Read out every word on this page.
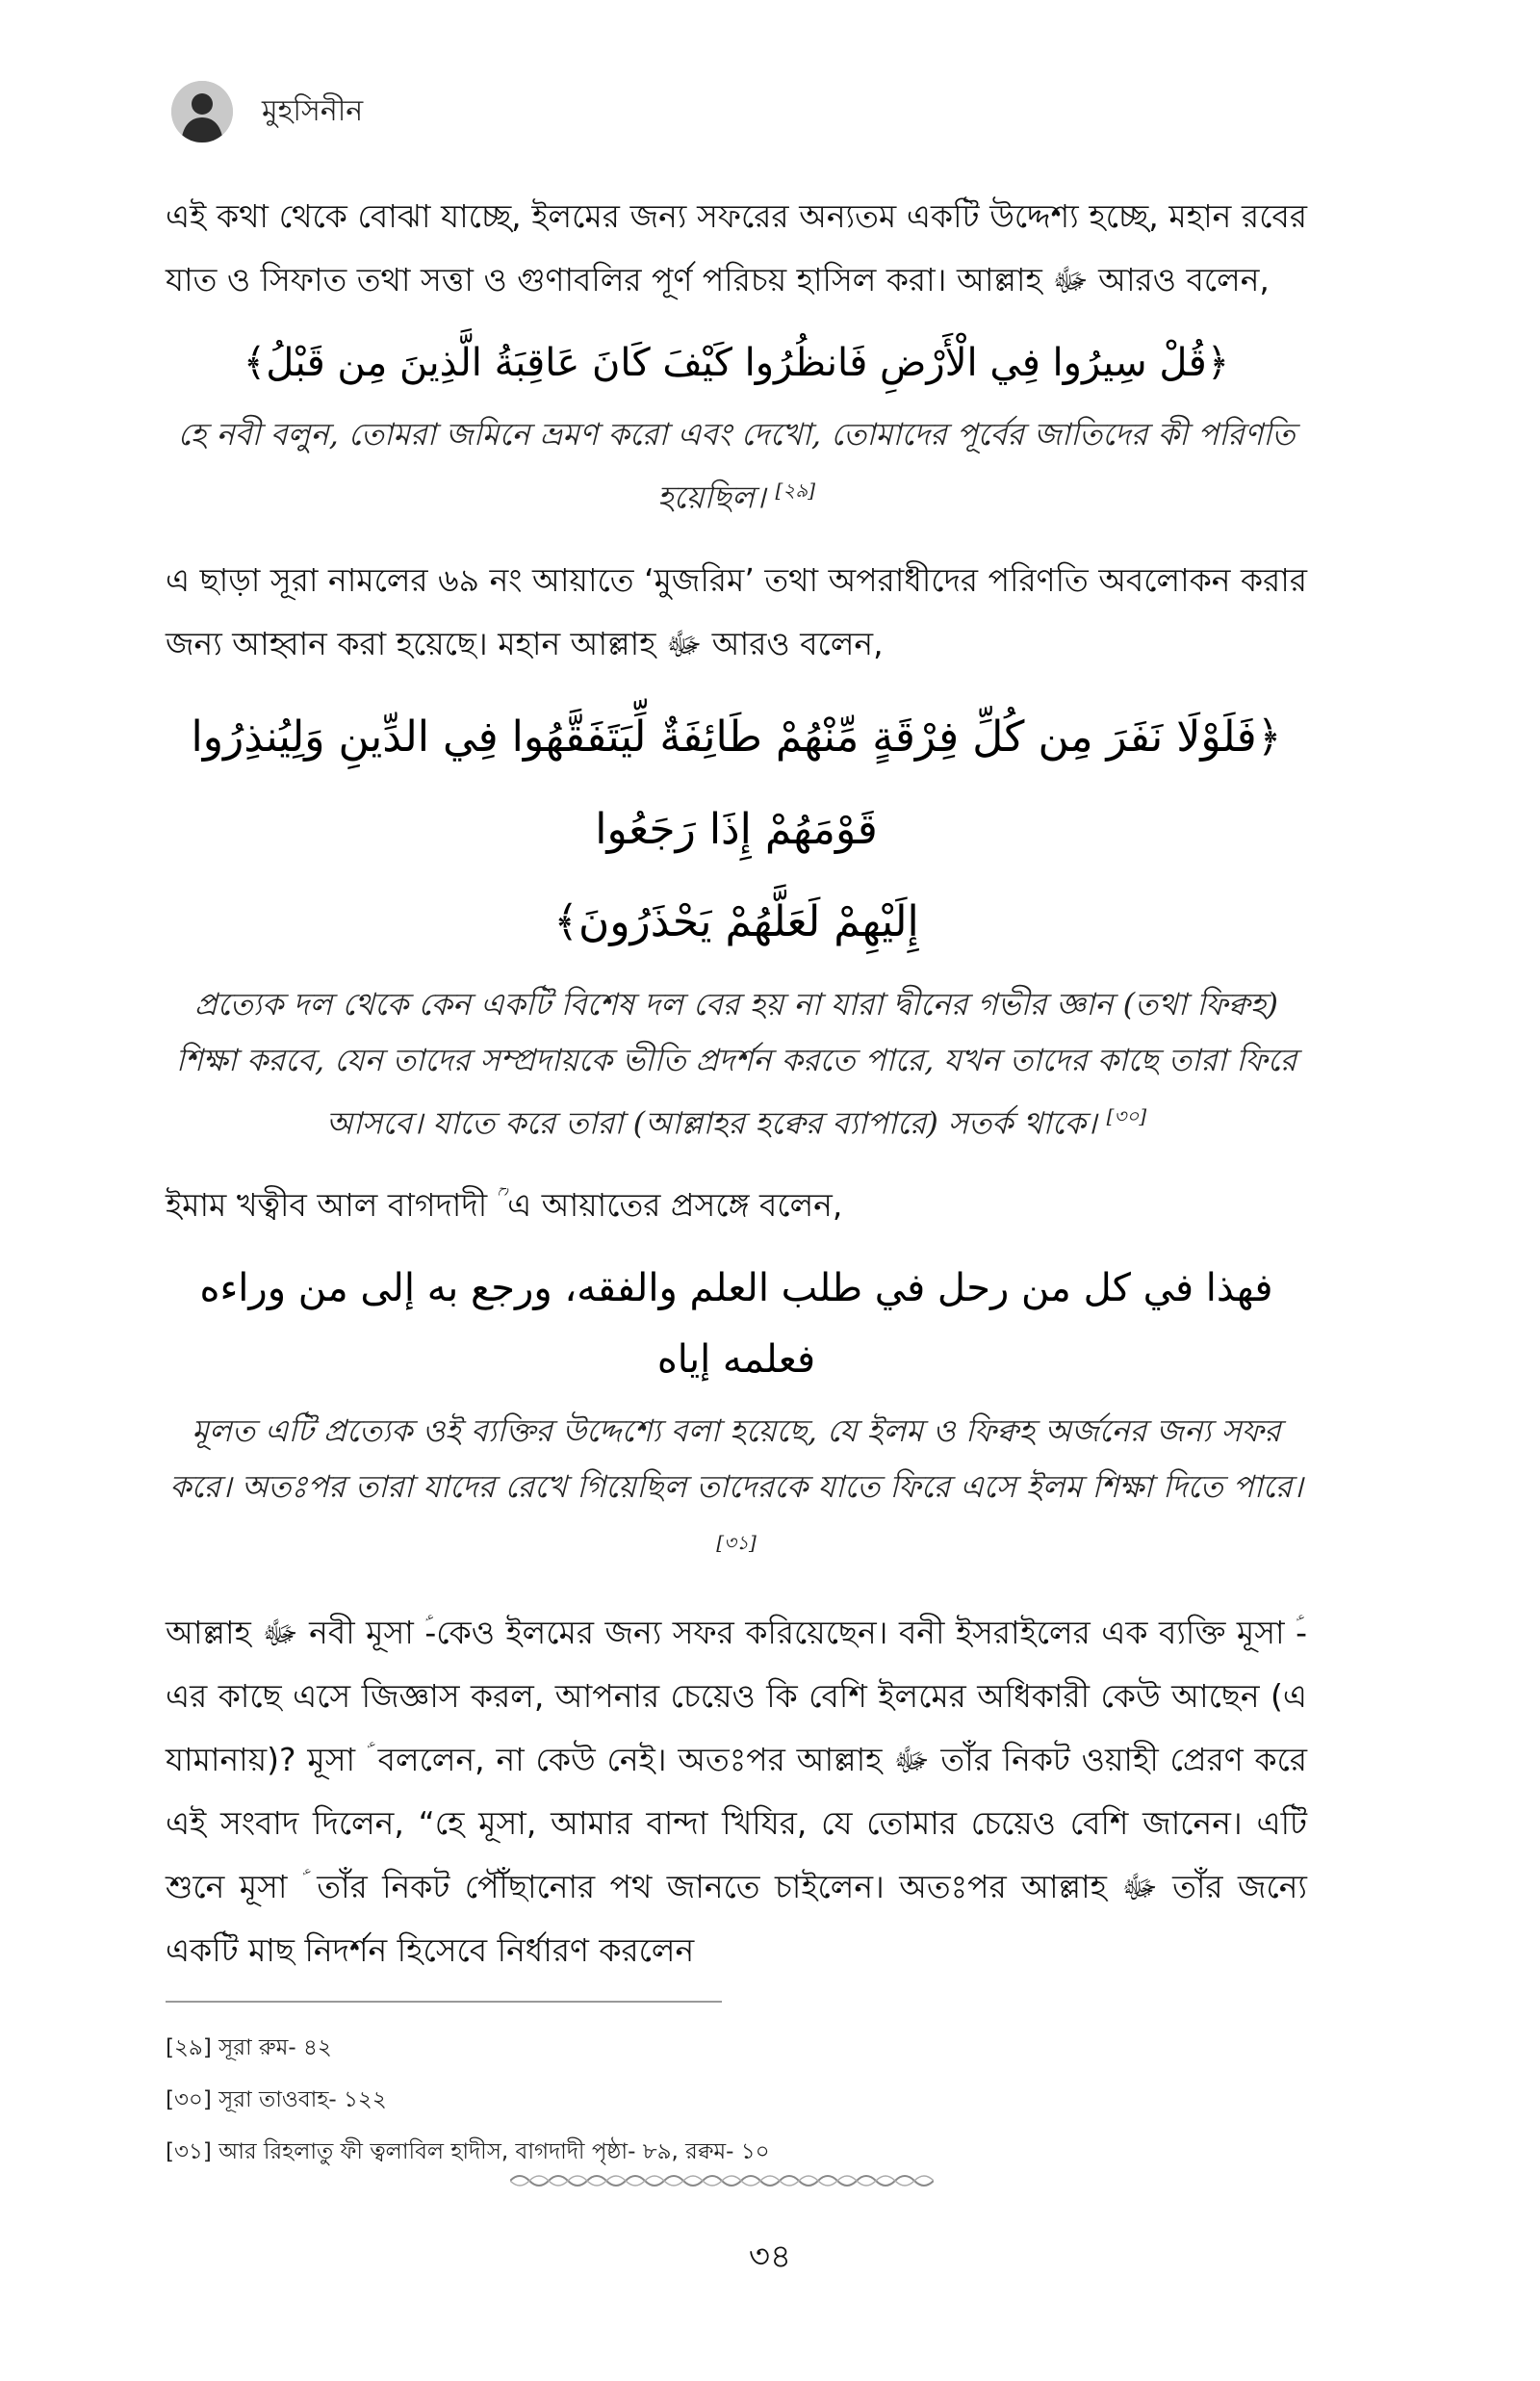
মুহসিনীন

এই কথা থেকে বোঝা যাচ্ছে, ইলমের জন্য সফরের অন্যতম একটি উদ্দেশ্য হচ্ছে, মহান রবের যাত ও সিফাত তথা সত্তা ও গুণাবলির পূর্ণ পরিচয় হাসিল করা। আল্লাহ ﷻ আরও বলেন,

﴿قُلْ سِيرُوا فِي الْأَرْضِ فَانظُرُوا كَيْفَ كَانَ عَاقِبَةُ الَّذِينَ مِن قَبْلُ﴾

হে নবী বলুন, তোমরা জমিনে ভ্রমণ করো এবং দেখো, তোমাদের পূর্বের জাতিদের কী পরিণতি হয়েছিল। [২৯]

এ ছাড়া সূরা নামলের ৬৯ নং আয়াতে ‘মুজরিম’ তথা অপরাধীদের পরিণতি অবলোকন করার জন্য আহ্বান করা হয়েছে। মহান আল্লাহ ﷻ আরও বলেন,

﴿فَلَوْلَا نَفَرَ مِن كُلِّ فِرْقَةٍ مِّنْهُمْ طَائِفَةٌ لِّيَتَفَقَّهُوا فِي الدِّينِ وَلِيُنذِرُوا قَوْمَهُمْ إِذَا رَجَعُوا
إِلَيْهِمْ لَعَلَّهُمْ يَحْذَرُونَ﴾

প্রত্যেক দল থেকে কেন একটি বিশেষ দল বের হয় না যারা দ্বীনের গভীর জ্ঞান (তথা ফিক্বহ) শিক্ষা করবে, যেন তাদের সম্প্রদায়কে ভীতি প্রদর্শন করতে পারে, যখন তাদের কাছে তারা ফিরে আসবে। যাতে করে তারা (আল্লাহর হক্বের ব্যাপারে) সতর্ক থাকে। [৩০]

ইমাম খত্বীব আল বাগদাদী ؒ এ আয়াতের প্রসঙ্গে বলেন,

فهذا في كل من رحل في طلب العلم والفقه، ورجع به إلى من وراءه فعلمه إياه

মূলত এটি প্রত্যেক ওই ব্যক্তির উদ্দেশ্যে বলা হয়েছে, যে ইলম ও ফিক্বহ অর্জনের জন্য সফর করে। অতঃপর তারা যাদের রেখে গিয়েছিল তাদেরকে যাতে ফিরে এসে ইলম শিক্ষা দিতে পারে। [৩১]

আল্লাহ ﷻ নবী মূসা ؑ-কেও ইলমের জন্য সফর করিয়েছেন। বনী ইসরাইলের এক ব্যক্তি মূসা ؑ-এর কাছে এসে জিজ্ঞাস করল, আপনার চেয়েও কি বেশি ইলমের অধিকারী কেউ আছেন (এ যামানায়)? মূসা ؑ বললেন, না কেউ নেই। অতঃপর আল্লাহ ﷻ তাঁর নিকট ওয়াহী প্রেরণ করে এই সংবাদ দিলেন, “হে মূসা, আমার বান্দা খিযির, যে তোমার চেয়েও বেশি জানেন। এটি শুনে মূসা ؑ তাঁর নিকট পৌঁছানোর পথ জানতে চাইলেন। অতঃপর আল্লাহ ﷻ তাঁর জন্যে একটি মাছ নিদর্শন হিসেবে নির্ধারণ করলেন

[২৯] সূরা রুম- ৪২
[৩০] সূরা তাওবাহ- ১২২
[৩১] আর রিহলাতু ফী ত্বলাবিল হাদীস, বাগদাদী পৃষ্ঠা- ৮৯, রক্বম- ১০
৩৪
